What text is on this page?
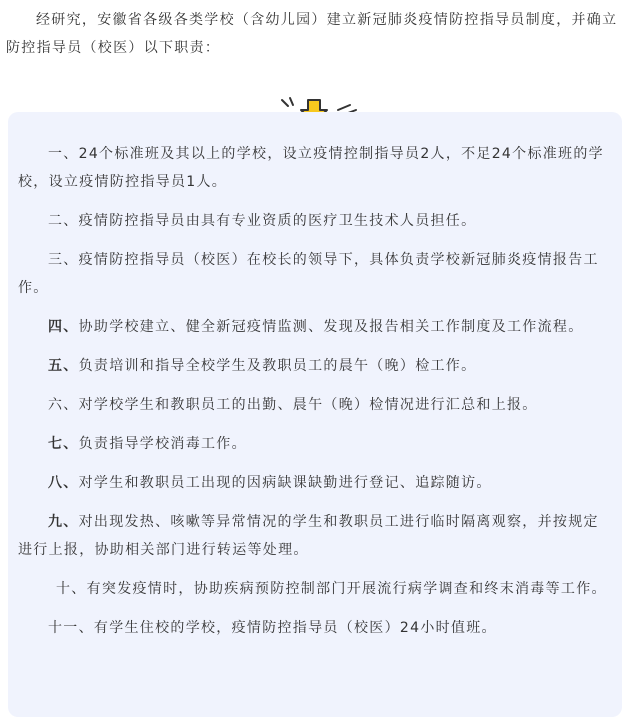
经研究，安徽省各级各类学校（含幼儿园）建立新冠肺炎疫情防控指导员制度，并确立防控指导员（校医）以下职责：

一、24个标准班及其以上的学校，设立疫情控制指导员2人，不足24个标准班的学校，设立疫情防控指导员1人。
二、疫情防控指导员由具有专业资质的医疗卫生技术人员担任。
三、疫情防控指导员（校医）在校长的领导下，具体负责学校新冠肺炎疫情报告工作。
四、协助学校建立、健全新冠疫情监测、发现及报告相关工作制度及工作流程。
五、负责培训和指导全校学生及教职员工的晨午（晚）检工作。
六、对学校学生和教职员工的出勤、晨午（晚）检情况进行汇总和上报。
七、负责指导学校消毒工作。
八、对学生和教职员工出现的因病缺课缺勤进行登记、追踪随访。
九、对出现发热、咳嗽等异常情况的学生和教职员工进行临时隔离观察，并按规定进行上报，协助相关部门进行转运等处理。
十、有突发疫情时，协助疾病预防控制部门开展流行病学调查和终末消毒等工作。
十一、有学生住校的学校，疫情防控指导员（校医）24小时值班。
